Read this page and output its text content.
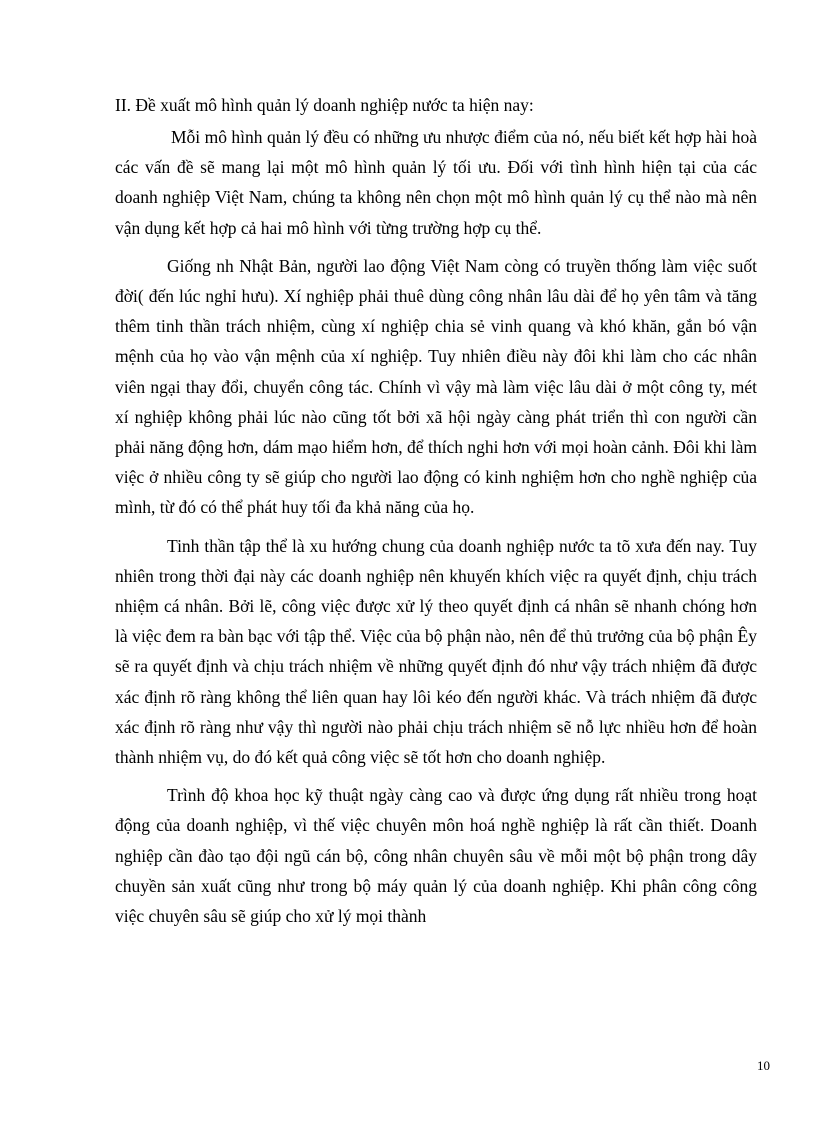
II. Đề xuất mô hình quản lý doanh nghiệp nước ta hiện nay:

Mỗi mô hình quản lý đều có những ưu nhược điểm của nó, nếu biết kết hợp hài hoà các vấn đề sẽ mang lại một mô hình quản lý tối ưu. Đối với tình hình hiện tại của các doanh nghiệp Việt Nam, chúng ta không nên chọn một mô hình quản lý cụ thể nào mà nên vận dụng kết hợp cả hai mô hình với từng trường hợp cụ thể.

Giống nh Nhật Bản, người lao động Việt Nam còng có truyền thống làm việc suốt đời( đến lúc nghỉ hưu). Xí nghiệp phải thuê dùng công nhân lâu dài để họ yên tâm và tăng thêm tinh thần trách nhiệm, cùng xí nghiệp chia sẻ vinh quang và khó khăn, gắn bó vận mệnh của họ vào vận mệnh của xí nghiệp. Tuy nhiên điều này đôi khi làm cho các nhân viên ngại thay đổi, chuyển công tác. Chính vì vậy mà làm việc lâu dài ở một công ty, mét xí nghiệp không phải lúc nào cũng tốt bởi xã hội ngày càng phát triển thì con người cần phải năng động hơn, dám mạo hiểm hơn, để thích nghi hơn với mọi hoàn cảnh. Đôi khi làm việc ở nhiều công ty sẽ giúp cho người lao động có kinh nghiệm hơn cho nghề nghiệp của mình, từ đó có thể phát huy tối đa khả năng của họ.

Tinh thần tập thể là xu hướng chung của doanh nghiệp nước ta tõ xưa đến nay. Tuy nhiên trong thời đại này các doanh nghiệp nên khuyến khích việc ra quyết định, chịu trách nhiệm cá nhân. Bởi lẽ, công việc được xử lý theo quyết định cá nhân sẽ nhanh chóng hơn là việc đem ra bàn bạc với tập thể. Việc của bộ phận nào, nên để thủ trưởng của bộ phận Êy sẽ ra quyết định và chịu trách nhiệm về những quyết định đó như vậy trách nhiệm đã được xác định rõ ràng không thể liên quan hay lôi kéo đến người khác. Và trách nhiệm đã được xác định rõ ràng như vậy thì người nào phải chịu trách nhiệm sẽ nỗ lực nhiều hơn để hoàn thành nhiệm vụ, do đó kết quả công việc sẽ tốt hơn cho doanh nghiệp.

Trình độ khoa học kỹ thuật ngày càng cao và được ứng dụng rất nhiều trong hoạt động của doanh nghiệp, vì thế việc chuyên môn hoá nghề nghiệp là rất cần thiết. Doanh nghiệp cần đào tạo đội ngũ cán bộ, công nhân chuyên sâu về mỗi một bộ phận trong dây chuyền sản xuất cũng như trong bộ máy quản lý của doanh nghiệp. Khi phân công công việc chuyên sâu sẽ giúp cho xử lý mọi thành

10
